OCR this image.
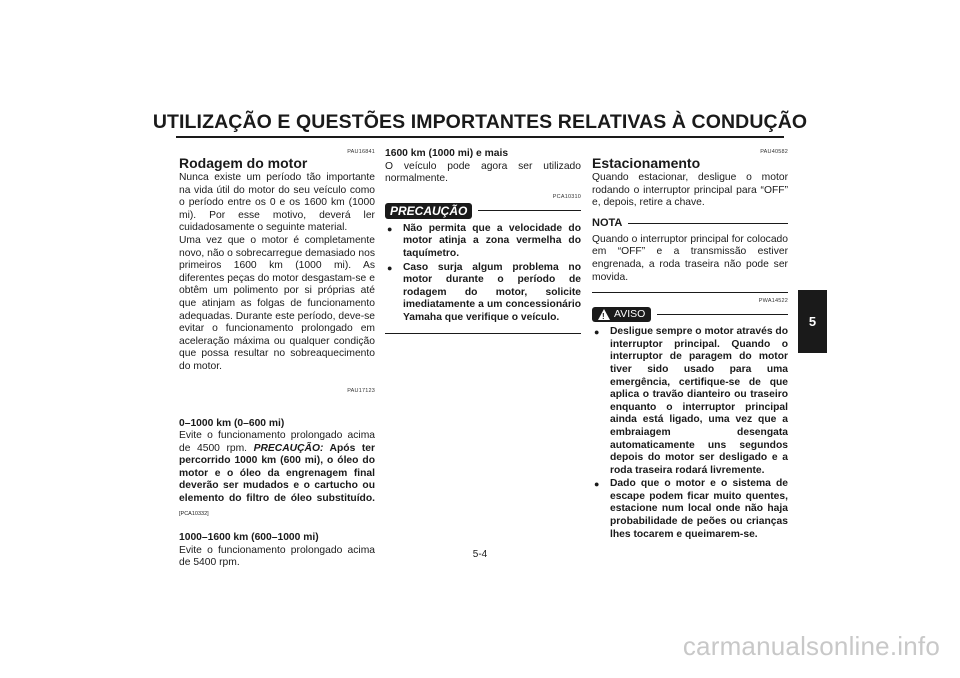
UTILIZAÇÃO E QUESTÕES IMPORTANTES RELATIVAS À CONDUÇÃO
5
PAU16841
Rodagem do motor

Nunca existe um período tão importante na vida útil do motor do seu veículo como o período entre os 0 e os 1600 km (1000 mi). Por esse motivo, deverá ler cuidadosamente o seguinte material.

Uma vez que o motor é completamente novo, não o sobrecarregue demasiado nos primeiros 1600 km (1000 mi). As diferentes peças do motor desgastam-se e obtêm um polimento por si próprias até que atinjam as folgas de funcionamento adequadas. Durante este período, deve-se evitar o funcionamento prolongado em aceleração máxima ou qualquer condição que possa resultar no sobreaquecimento do motor.

PAU17123

0–1000 km (0–600 mi)

Evite o funcionamento prolongado acima de 4500 rpm. PRECAUÇÃO: Após ter percorrido 1000 km (600 mi), o óleo do motor e o óleo da engrenagem final deverão ser mudados e o cartucho ou elemento do filtro de óleo substituído. [PCA10332]

1000–1600 km (600–1000 mi)

Evite o funcionamento prolongado acima de 5400 rpm.

1600 km (1000 mi) e mais

O veículo pode agora ser utilizado normalmente.

PCA10310
PRECAUÇÃO
● Não permita que a velocidade do motor atinja a zona vermelha do taquímetro.
● Caso surja algum problema no motor durante o período de rodagem do motor, solicite imediatamente a um concessionário Yamaha que verifique o veículo.
PAU40582
Estacionamento

Quando estacionar, desligue o motor rodando o interruptor principal para “OFF” e, depois, retire a chave.

NOTA

Quando o interruptor principal for colocado em “OFF” e a transmissão estiver engrenada, a roda traseira não pode ser movida.

PWA14522
!
AVISO
● Desligue sempre o motor através do interruptor principal. Quando o interruptor de paragem do motor tiver sido usado para uma emergência, certifique-se de que aplica o travão dianteiro ou traseiro enquanto o interruptor principal ainda está ligado, uma vez que a embraiagem desengata automaticamente uns segundos depois do motor ser desligado e a roda traseira rodará livremente.
● Dado que o motor e o sistema de escape podem ficar muito quentes, estacione num local onde não haja probabilidade de peões ou crianças lhes tocarem e queimarem-se.
5-4
carmanualsonline.info
